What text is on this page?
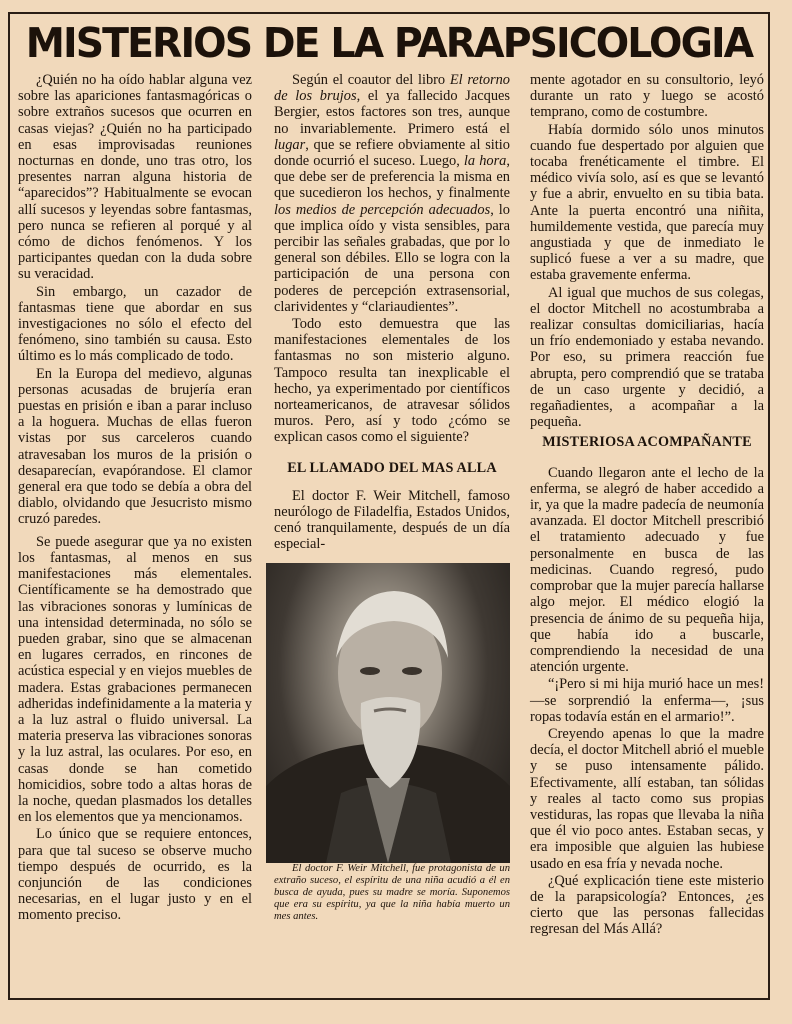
MISTERIOS DE LA PARAPSICOLOGIA

¿Quién no ha oído hablar alguna vez sobre las apariciones fantasmagóricas o sobre extraños sucesos que ocurren en casas viejas? ¿Quién no ha participado en esas improvisadas reuniones nocturnas en donde, uno tras otro, los presentes narran alguna historia de “aparecidos”? Habitualmente se evocan allí sucesos y leyendas sobre fantasmas, pero nunca se refieren al porqué y al cómo de dichos fenómenos. Y los participantes quedan con la duda sobre su veracidad.

Sin embargo, un cazador de fantasmas tiene que abordar en sus investigaciones no sólo el efecto del fenómeno, sino también su causa. Esto último es lo más complicado de todo.

En la Europa del medievo, algunas personas acusadas de brujería eran puestas en prisión e iban a parar incluso a la hoguera. Muchas de ellas fueron vistas por sus carceleros cuando atravesaban los muros de la prisión o desaparecían, evapórandose. El clamor general era que todo se debía a obra del diablo, olvidando que Jesucristo mismo cruzó paredes.

Se puede asegurar que ya no existen los fantasmas, al menos en sus manifestaciones más elementales. Científicamente se ha demostrado que las vibraciones sonoras y lumínicas de una intensidad determinada, no sólo se pueden grabar, sino que se almacenan en lugares cerrados, en rincones de acústica especial y en viejos muebles de madera. Estas grabaciones permanecen adheridas indefinidamente a la materia y a la luz astral o fluido universal. La materia preserva las vibraciones sonoras y la luz astral, las oculares. Por eso, en casas donde se han cometido homicidios, sobre todo a altas horas de la noche, quedan plasmados los detalles en los elementos que ya mencionamos.

Lo único que se requiere entonces, para que tal suceso se observe mucho tiempo después de ocurrido, es la conjunción de las condiciones necesarias, en el lugar justo y en el momento preciso.

Según el coautor del libro El retorno de los brujos, el ya fallecido Jacques Bergier, estos factores son tres, aunque no invariablemente. Primero está el lugar, que se refiere obviamente al sitio donde ocurrió el suceso. Luego, la hora, que debe ser de preferencia la misma en que sucedieron los hechos, y finalmente los medios de percepción adecuados, lo que implica oído y vista sensibles, para percibir las señales grabadas, que por lo general son débiles. Ello se logra con la participación de una persona con poderes de percepción extrasensorial, clarividentes y “clariaudientes”.

Todo esto demuestra que las manifestaciones elementales de los fantasmas no son misterio alguno. Tampoco resulta tan inexplicable el hecho, ya experimentado por científicos norteamericanos, de atravesar sólidos muros. Pero, así y todo ¿cómo se explican casos como el siguiente?

EL LLAMADO DEL MAS ALLA

El doctor F. Weir Mitchell, famoso neurólogo de Filadelfia, Estados Unidos, cenó tranquilamente, después de un día especial-

El doctor F. Weir Mitchell, fue protagonista de un extraño suceso, el espíritu de una niña acudió a él en busca de ayuda, pues su madre se moría. Suponemos que era su espíritu, ya que la niña había muerto un mes antes.

mente agotador en su consultorio, leyó durante un rato y luego se acostó temprano, como de costumbre.

Había dormido sólo unos minutos cuando fue despertado por alguien que tocaba frenéticamente el timbre. El médico vivía solo, así es que se levantó y fue a abrir, envuelto en su tibia bata. Ante la puerta encontró una niñita, humildemente vestida, que parecía muy angustiada y que de inmediato le suplicó fuese a ver a su madre, que estaba gravemente enferma.

Al igual que muchos de sus colegas, el doctor Mitchell no acostumbraba a realizar consultas domiciliarias, hacía un frío endemoniado y estaba nevando. Por eso, su primera reacción fue abrupta, pero comprendió que se trataba de un caso urgente y decidió, a regañadientes, a acompañar a la pequeña.

MISTERIOSA ACOMPAÑANTE

Cuando llegaron ante el lecho de la enferma, se alegró de haber accedido a ir, ya que la madre padecía de neumonía avanzada. El doctor Mitchell prescribió el tratamiento adecuado y fue personalmente en busca de las medicinas. Cuando regresó, pudo comprobar que la mujer parecía hallarse algo mejor. El médico elogió la presencia de ánimo de su pequeña hija, que había ido a buscarle, comprendiendo la necesidad de una atención urgente.

“¡Pero si mi hija murió hace un mes! —se sorprendió la enferma—, ¡sus ropas todavía están en el armario!”.

Creyendo apenas lo que la madre decía, el doctor Mitchell abrió el mueble y se puso intensamente pálido. Efectivamente, allí estaban, tan sólidas y reales al tacto como sus propias vestiduras, las ropas que llevaba la niña que él vio poco antes. Estaban secas, y era imposible que alguien las hubiese usado en esa fría y nevada noche.

¿Qué explicación tiene este misterio de la parapsicología? Entonces, ¿es cierto que las personas fallecidas regresan del Más Allá?
